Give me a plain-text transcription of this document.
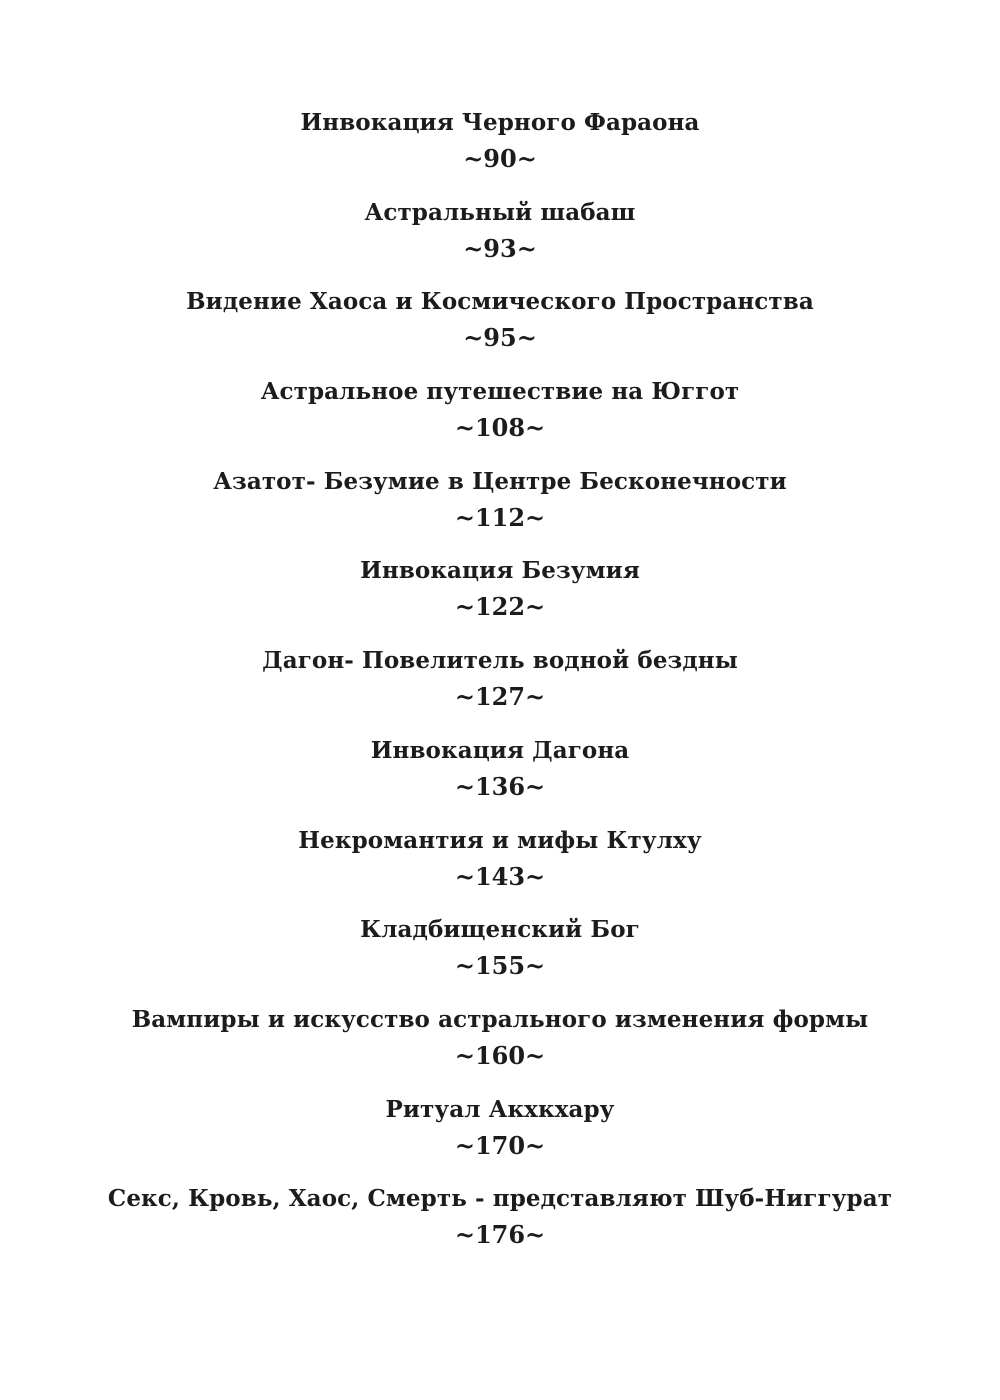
Инвокация Черного Фараона
~90~
Астральный шабаш
~93~
Видение Хаоса и Космического Пространства
~95~
Астральное путешествие на Юггот
~108~
Азатот- Безумие в Центре Бесконечности
~112~
Инвокация Безумия
~122~
Дагон- Повелитель водной бездны
~127~
Инвокация Дагона
~136~
Некромантия и мифы Ктулху
~143~
Кладбищенский Бог
~155~
Вампиры и искусство астрального изменения формы
~160~
Ритуал Акхкхару
~170~
Секс, Кровь, Хаос, Смерть - представляют Шуб-Ниггурат
~176~
